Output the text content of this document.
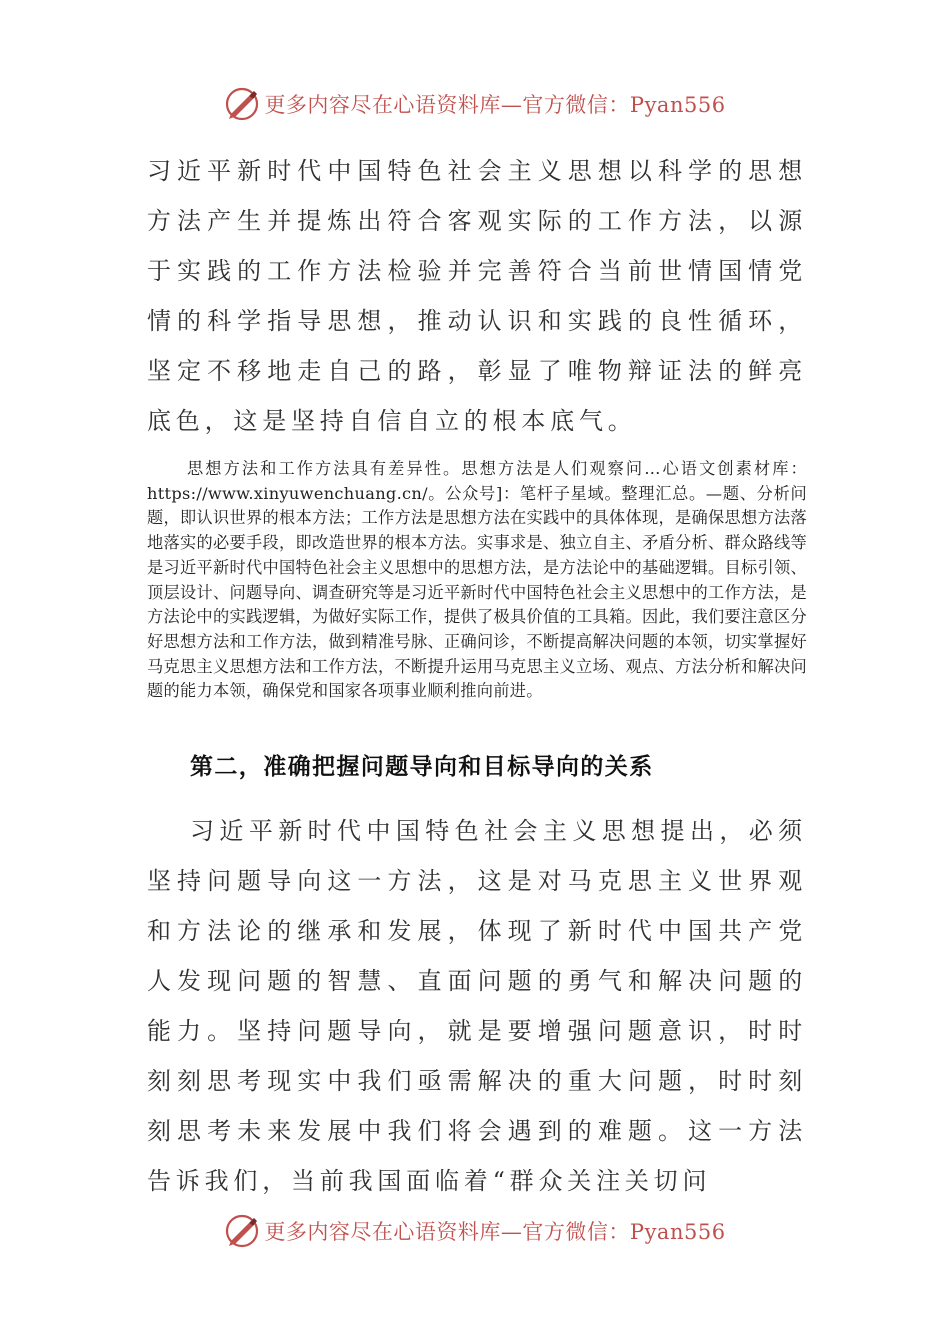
更多内容尽在心语资料库—官方微信：Pyan556

习近平新时代中国特色社会主义思想以科学的思想方法产生并提炼出符合客观实际的工作方法，以源于实践的工作方法检验并完善符合当前世情国情党情的科学指导思想，推动认识和实践的良性循环，坚定不移地走自己的路，彰显了唯物辩证法的鲜亮底色，这是坚持自信自立的根本底气。

思想方法和工作方法具有差异性。思想方法是人们观察问…心语文创素材库：https://www.xinyuwenchuang.cn/。公众号]：笔杆子星域。整理汇总。—题、分析问题，即认识世界的根本方法；工作方法是思想方法在实践中的具体体现，是确保思想方法落地落实的必要手段，即改造世界的根本方法。实事求是、独立自主、矛盾分析、群众路线等是习近平新时代中国特色社会主义思想中的思想方法，是方法论中的基础逻辑。目标引领、顶层设计、问题导向、调查研究等是习近平新时代中国特色社会主义思想中的工作方法，是方法论中的实践逻辑，为做好实际工作，提供了极具价值的工具箱。因此，我们要注意区分好思想方法和工作方法，做到精准号脉、正确问诊，不断提高解决问题的本领，切实掌握好马克思主义思想方法和工作方法，不断提升运用马克思主义立场、观点、方法分析和解决问题的能力本领，确保党和国家各项事业顺利推向前进。

第二，准确把握问题导向和目标导向的关系

习近平新时代中国特色社会主义思想提出，必须坚持问题导向这一方法，这是对马克思主义世界观和方法论的继承和发展，体现了新时代中国共产党人发现问题的智慧、直面问题的勇气和解决问题的能力。坚持问题导向，就是要增强问题意识，时时刻刻思考现实中我们亟需解决的重大问题，时时刻刻思考未来发展中我们将会遇到的难题。这一方法告诉我们，当前我国面临着“群众关注关切问

更多内容尽在心语资料库—官方微信：Pyan556
